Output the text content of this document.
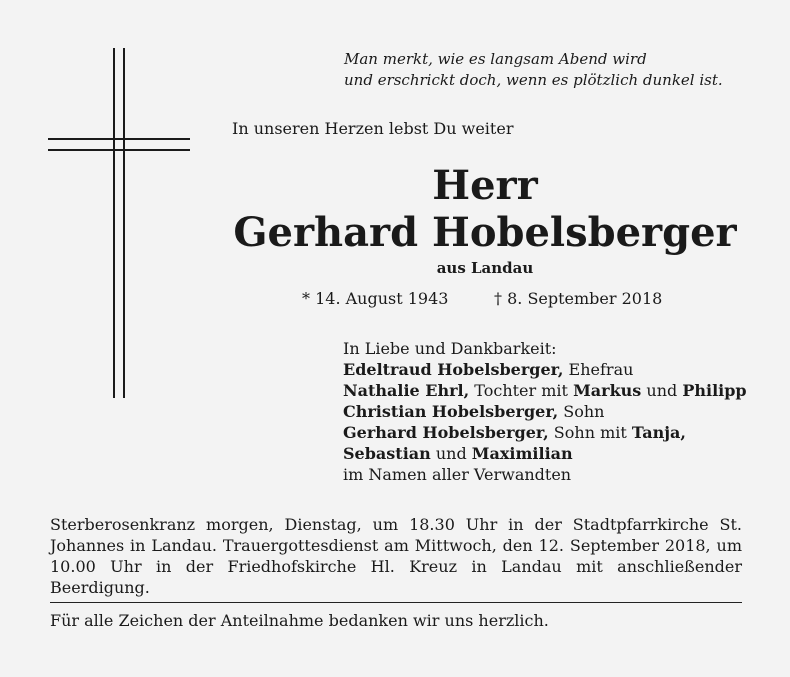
Man merkt, wie es langsam Abend wird
und erschrickt doch, wenn es plötzlich dunkel ist.
In unseren Herzen lebst Du weiter
Herr
Gerhard Hobelsberger
aus Landau
* 14. August 1943	† 8. September 2018
In Liebe und Dankbarkeit:
Edeltraud Hobelsberger, Ehefrau
Nathalie Ehrl, Tochter mit Markus und Philipp
Christian Hobelsberger, Sohn
Gerhard Hobelsberger, Sohn mit Tanja,
Sebastian und Maximilian
im Namen aller Verwandten
Sterberosenkranz morgen, Dienstag, um 18.30 Uhr in der Stadtpfarrkirche St. Johannes in Landau. Trauergottesdienst am Mittwoch, den 12. September 2018, um 10.00 Uhr in der Friedhofskirche Hl. Kreuz in Landau mit anschließender Beerdigung.
Für alle Zeichen der Anteilnahme bedanken wir uns herzlich.
